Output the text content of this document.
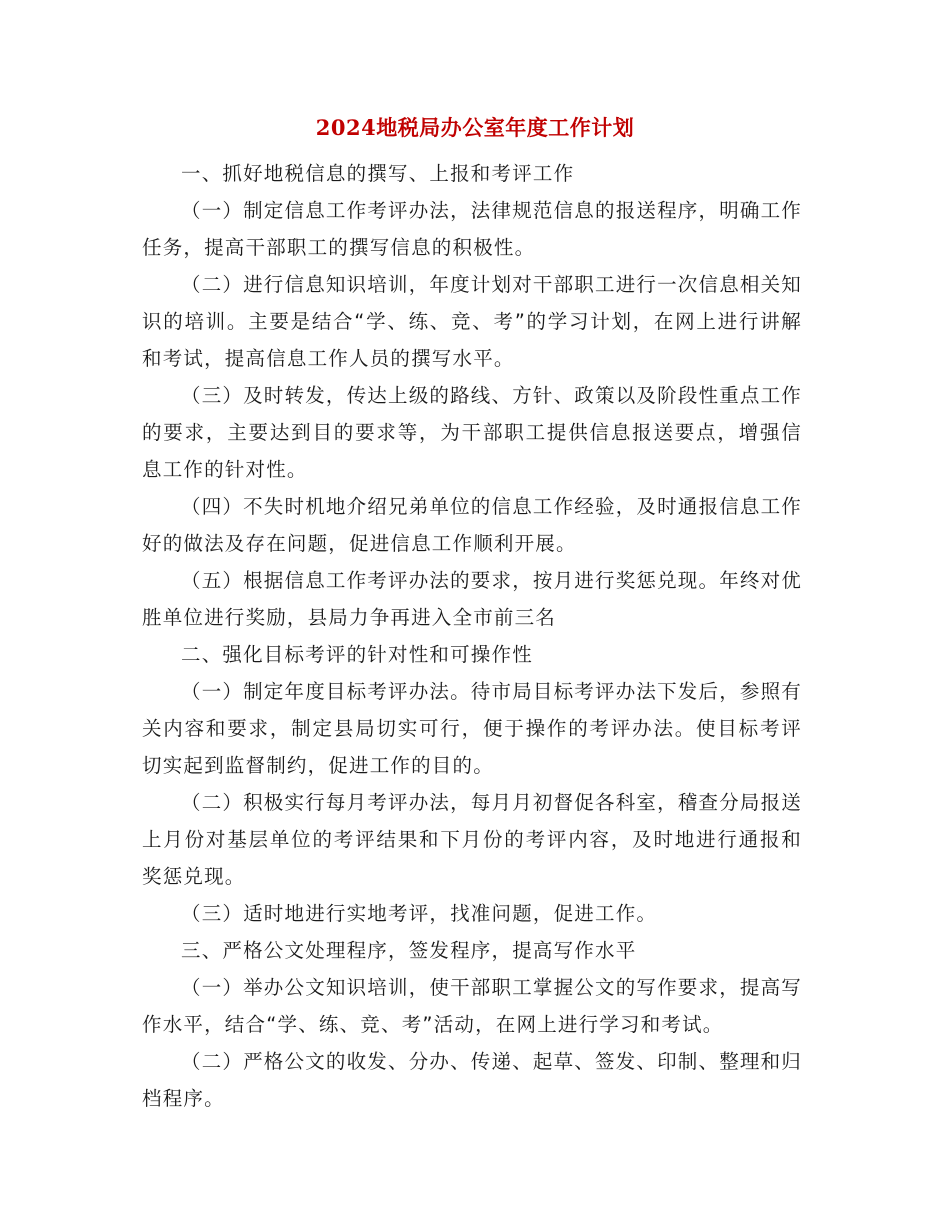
2024地税局办公室年度工作计划

一、抓好地税信息的撰写、上报和考评工作

（一）制定信息工作考评办法，法律规范信息的报送程序，明确工作任务，提高干部职工的撰写信息的积极性。

（二）进行信息知识培训，年度计划对干部职工进行一次信息相关知识的培训。主要是结合“学、练、竞、考”的学习计划，在网上进行讲解和考试，提高信息工作人员的撰写水平。

（三）及时转发，传达上级的路线、方针、政策以及阶段性重点工作的要求，主要达到目的要求等，为干部职工提供信息报送要点，增强信息工作的针对性。

（四）不失时机地介绍兄弟单位的信息工作经验，及时通报信息工作好的做法及存在问题，促进信息工作顺利开展。

（五）根据信息工作考评办法的要求，按月进行奖惩兑现。年终对优胜单位进行奖励，县局力争再进入全市前三名

二、强化目标考评的针对性和可操作性

（一）制定年度目标考评办法。待市局目标考评办法下发后，参照有关内容和要求，制定县局切实可行，便于操作的考评办法。使目标考评切实起到监督制约，促进工作的目的。

（二）积极实行每月考评办法，每月月初督促各科室，稽查分局报送上月份对基层单位的考评结果和下月份的考评内容，及时地进行通报和奖惩兑现。

（三）适时地进行实地考评，找准问题，促进工作。

三、严格公文处理程序，签发程序，提高写作水平

（一）举办公文知识培训，使干部职工掌握公文的写作要求，提高写作水平，结合“学、练、竞、考”活动，在网上进行学习和考试。

（二）严格公文的收发、分办、传递、起草、签发、印制、整理和归档程序。
